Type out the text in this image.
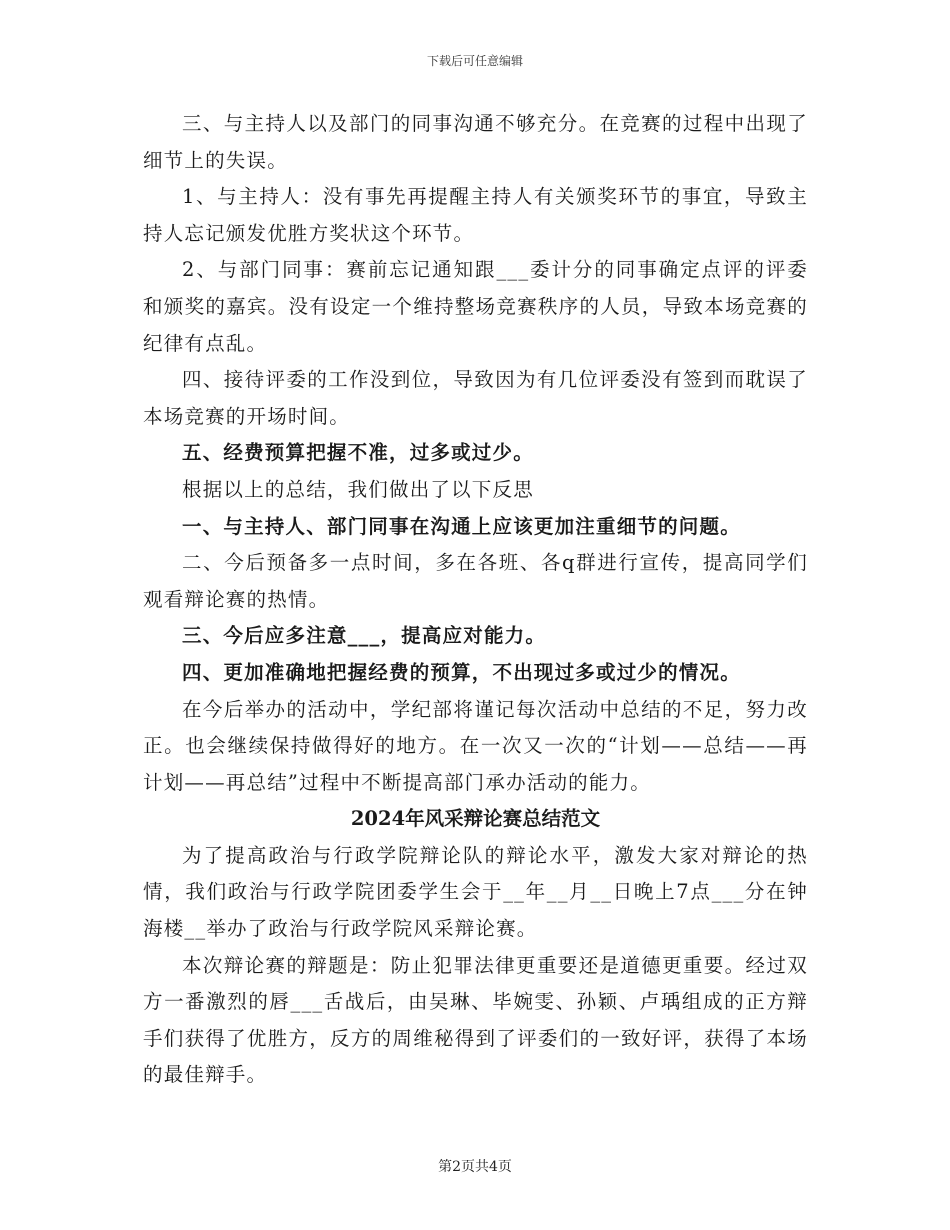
下载后可任意编辑

三、与主持人以及部门的同事沟通不够充分。在竞赛的过程中出现了细节上的失误。

1、与主持人：没有事先再提醒主持人有关颁奖环节的事宜，导致主持人忘记颁发优胜方奖状这个环节。

2、与部门同事：赛前忘记通知跟___委计分的同事确定点评的评委和颁奖的嘉宾。没有设定一个维持整场竞赛秩序的人员，导致本场竞赛的纪律有点乱。

四、接待评委的工作没到位，导致因为有几位评委没有签到而耽误了本场竞赛的开场时间。

五、经费预算把握不准，过多或过少。

根据以上的总结，我们做出了以下反思

一、与主持人、部门同事在沟通上应该更加注重细节的问题。

二、今后预备多一点时间，多在各班、各q群进行宣传，提高同学们观看辩论赛的热情。

三、今后应多注意___，提高应对能力。

四、更加准确地把握经费的预算，不出现过多或过少的情况。

在今后举办的活动中，学纪部将谨记每次活动中总结的不足，努力改正。也会继续保持做得好的地方。在一次又一次的“计划——总结——再计划——再总结”过程中不断提高部门承办活动的能力。

2024年风采辩论赛总结范文

为了提高政治与行政学院辩论队的辩论水平，激发大家对辩论的热情，我们政治与行政学院团委学生会于__年__月__日晚上7点___分在钟海楼__举办了政治与行政学院风采辩论赛。

本次辩论赛的辩题是：防止犯罪法律更重要还是道德更重要。经过双方一番激烈的唇___舌战后，由吴琳、毕婉雯、孙颖、卢瑀组成的正方辩手们获得了优胜方，反方的周维秘得到了评委们的一致好评，获得了本场的最佳辩手。

第2页共4页
